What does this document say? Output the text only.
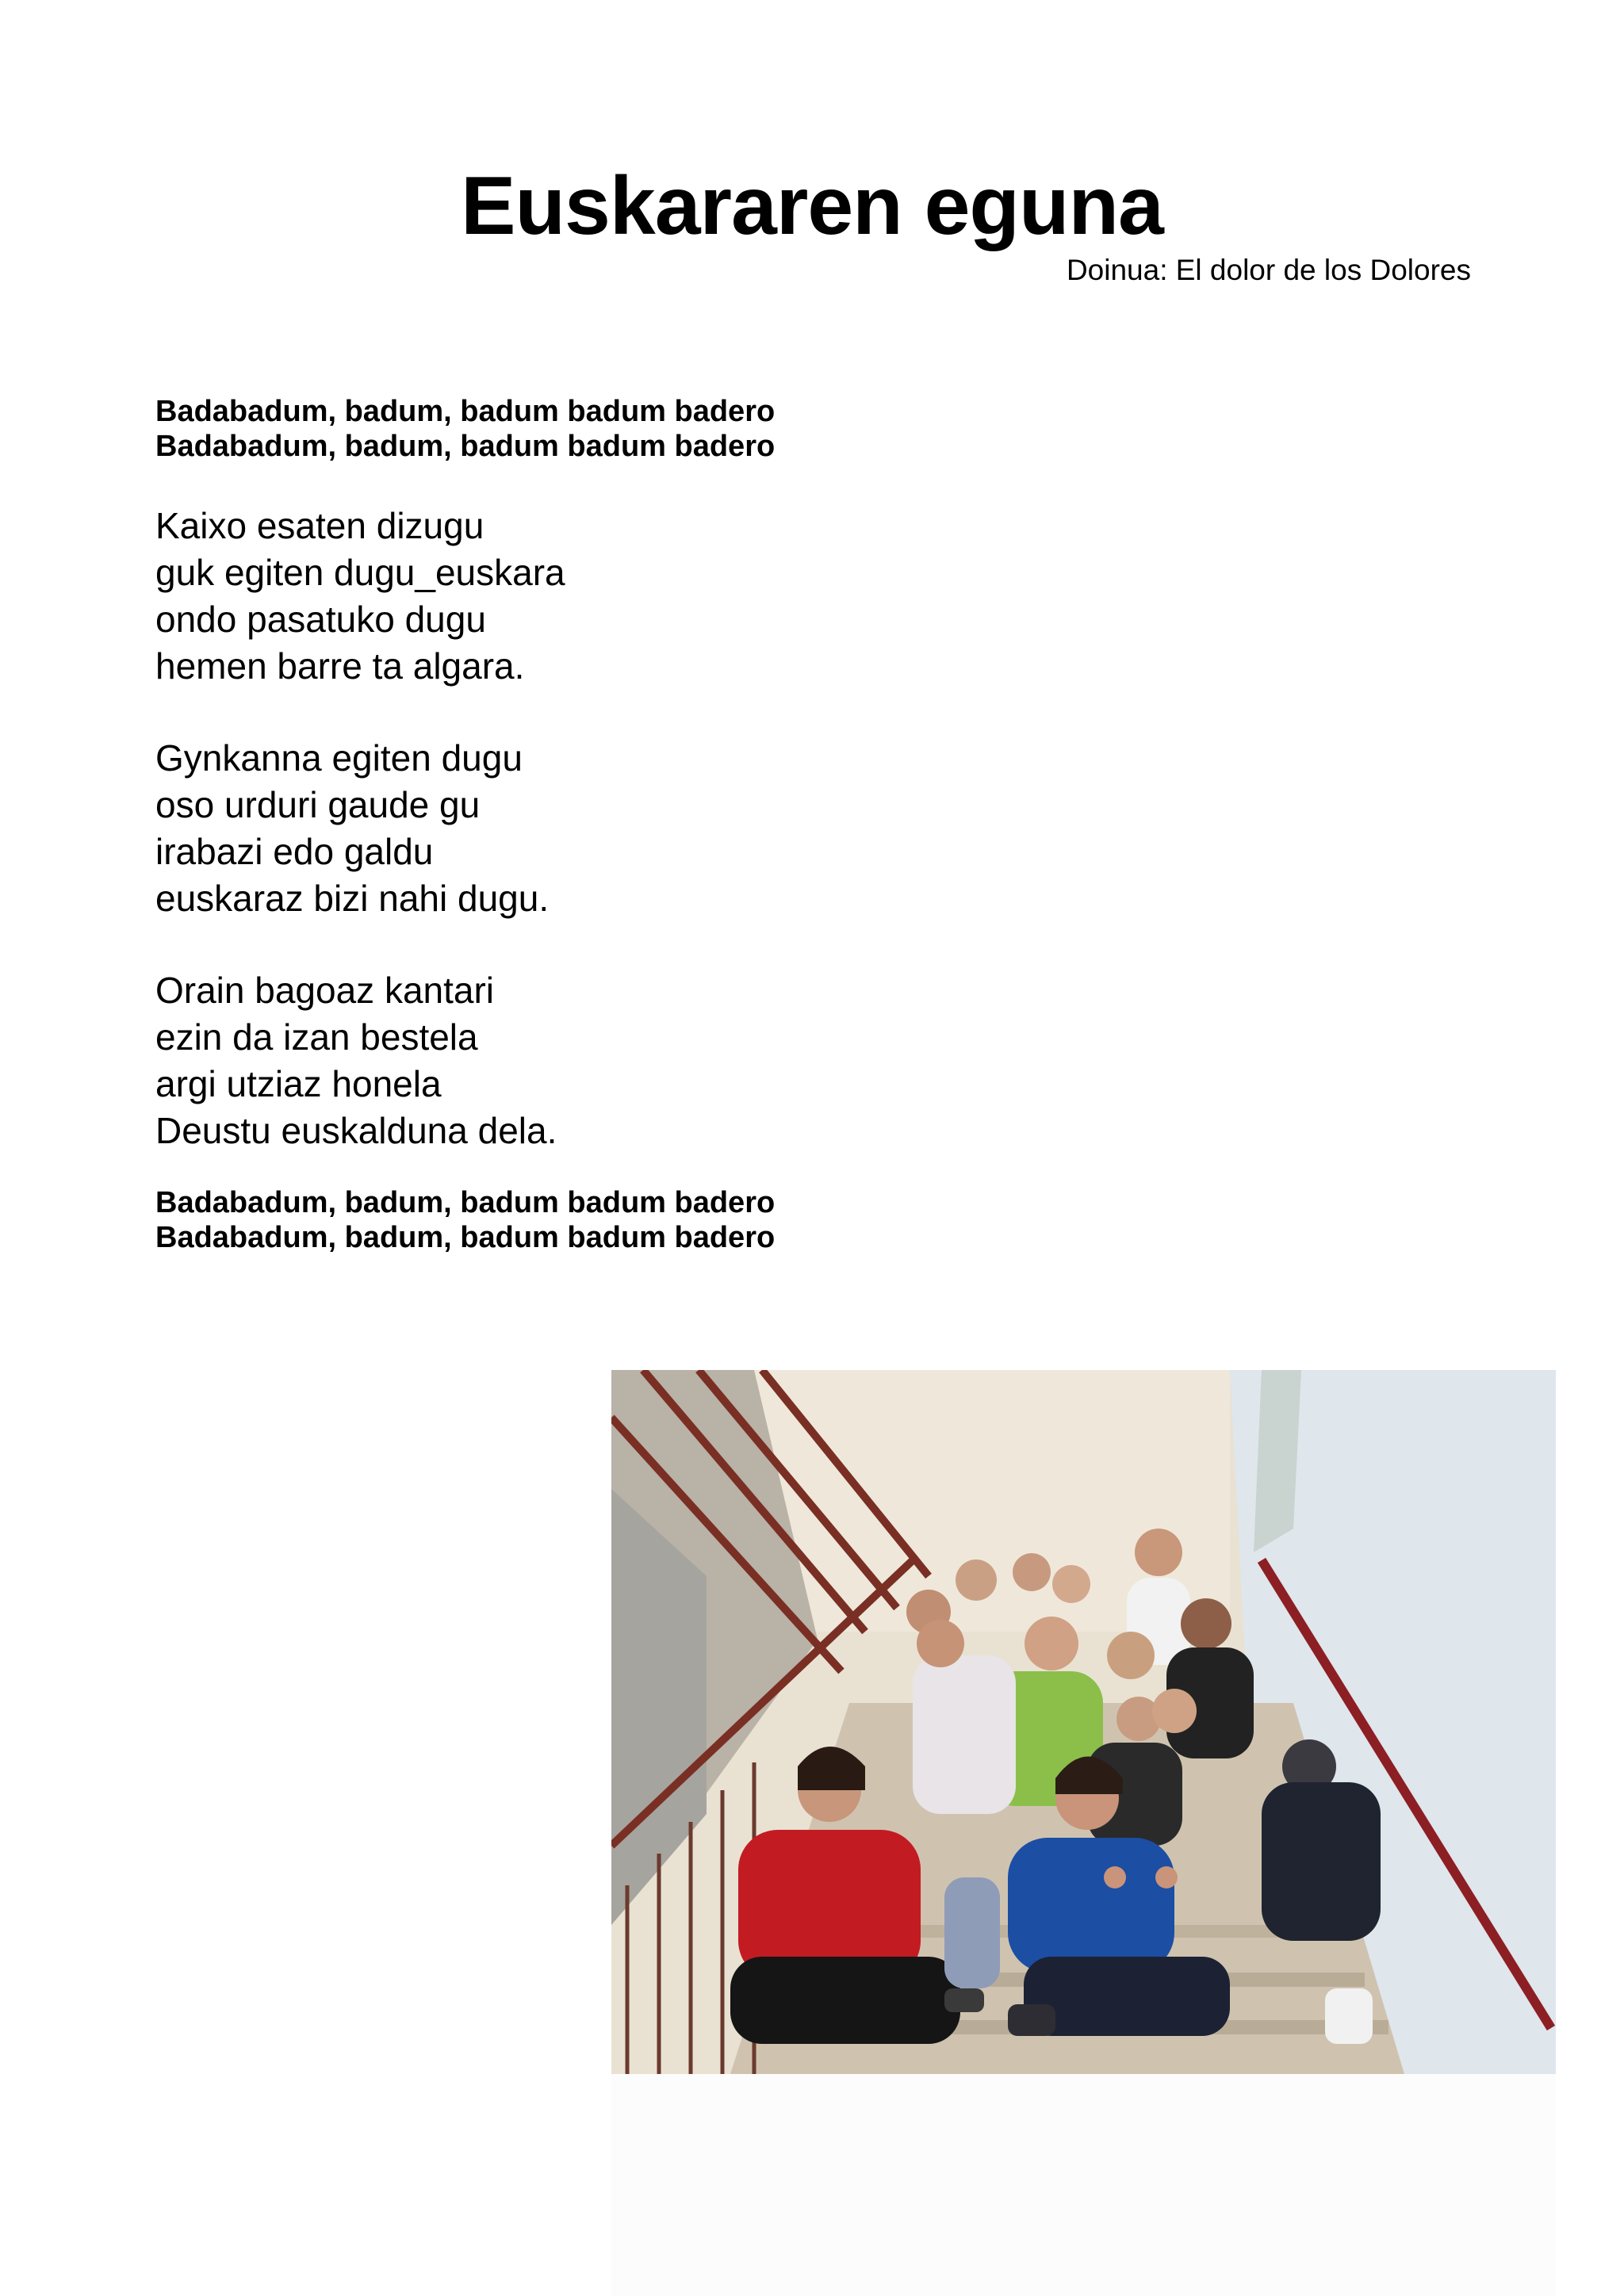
Euskararen eguna
Doinua: El dolor de los Dolores
Badabadum, badum, badum badum badero
Badabadum, badum, badum badum badero
Kaixo esaten dizugu
guk egiten dugu_euskara
ondo pasatuko dugu
hemen barre ta algara.
Gynkanna egiten dugu
oso urduri gaude gu
irabazi edo galdu
euskaraz bizi nahi dugu.
Orain bagoaz kantari
ezin da izan bestela
argi utziaz honela
Deustu euskalduna dela.
Badabadum, badum, badum badum badero
Badabadum, badum, badum badum badero
